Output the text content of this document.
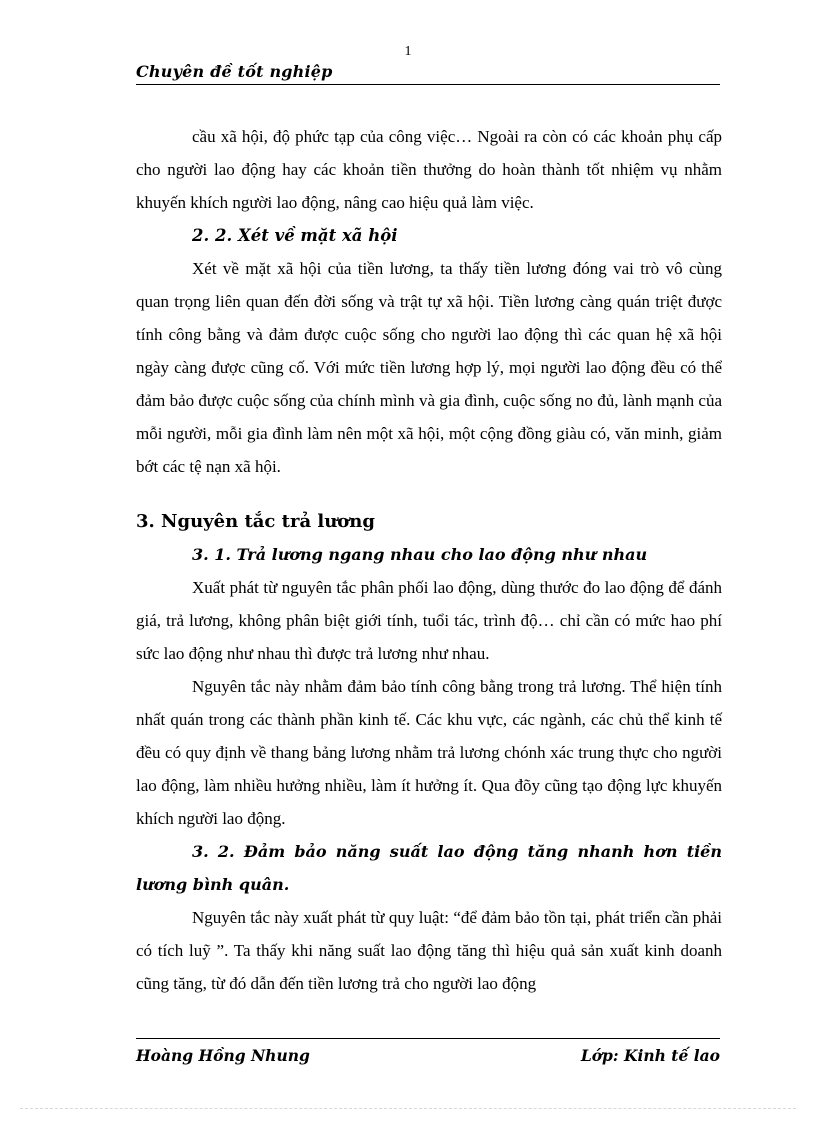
1
Chuyên đề tốt nghiệp

cầu xã hội, độ phức tạp của công việc… Ngoài ra còn có các khoản phụ cấp cho người lao động hay các khoản tiền thưởng do hoàn thành tốt nhiệm vụ nhằm khuyến khích người lao động, nâng cao hiệu quả làm việc.

2. 2. Xét về mặt xã hội

Xét về mặt xã hội của tiền lương, ta thấy tiền lương đóng vai trò vô cùng quan trọng liên quan đến đời sống và trật tự xã hội. Tiền lương càng quán triệt được tính công bằng và đảm được cuộc sống cho người lao động thì các quan hệ xã hội ngày càng được cũng cố. Với mức tiền lương hợp lý, mọi người lao động đều có thể đảm bảo được cuộc sống của chính mình và gia đình, cuộc sống no đủ, lành mạnh của mỗi người, mỗi gia đình làm nên một xã hội, một cộng đồng giàu có, văn minh, giảm bớt các tệ nạn xã hội.

3. Nguyên tắc trả lương
3. 1. Trả lương ngang nhau cho lao động như nhau

Xuất phát từ nguyên tắc phân phối lao động, dùng thước đo lao động để đánh giá, trả lương, không phân biệt giới tính, tuổi tác, trình độ… chỉ cần có mức hao phí sức lao động như nhau thì được trả lương như nhau.

Nguyên tắc này nhằm đảm bảo tính công bằng trong trả lương. Thể hiện tính nhất quán trong các thành phần kinh tế. Các khu vực, các ngành, các chủ thể kinh tế đều có quy định về thang bảng lương nhằm trả lương chónh xác trung thực cho người lao động, làm nhiều hưởng nhiều, làm ít hưởng ít. Qua đõy cũng tạo động lực khuyến khích người lao động.

3. 2. Đảm bảo năng suất lao động tăng nhanh hơn tiền lương bình quân.

Nguyên tắc này xuất phát từ quy luật: “để đảm bảo tồn tại, phát triển cần phải có tích luỹ ”. Ta thấy khi năng suất lao động tăng thì hiệu quả sản xuất kinh doanh cũng tăng, từ đó dẫn đến tiền lương trả cho người lao động

Hoàng Hồng Nhung	Lớp: Kinh tế lao
